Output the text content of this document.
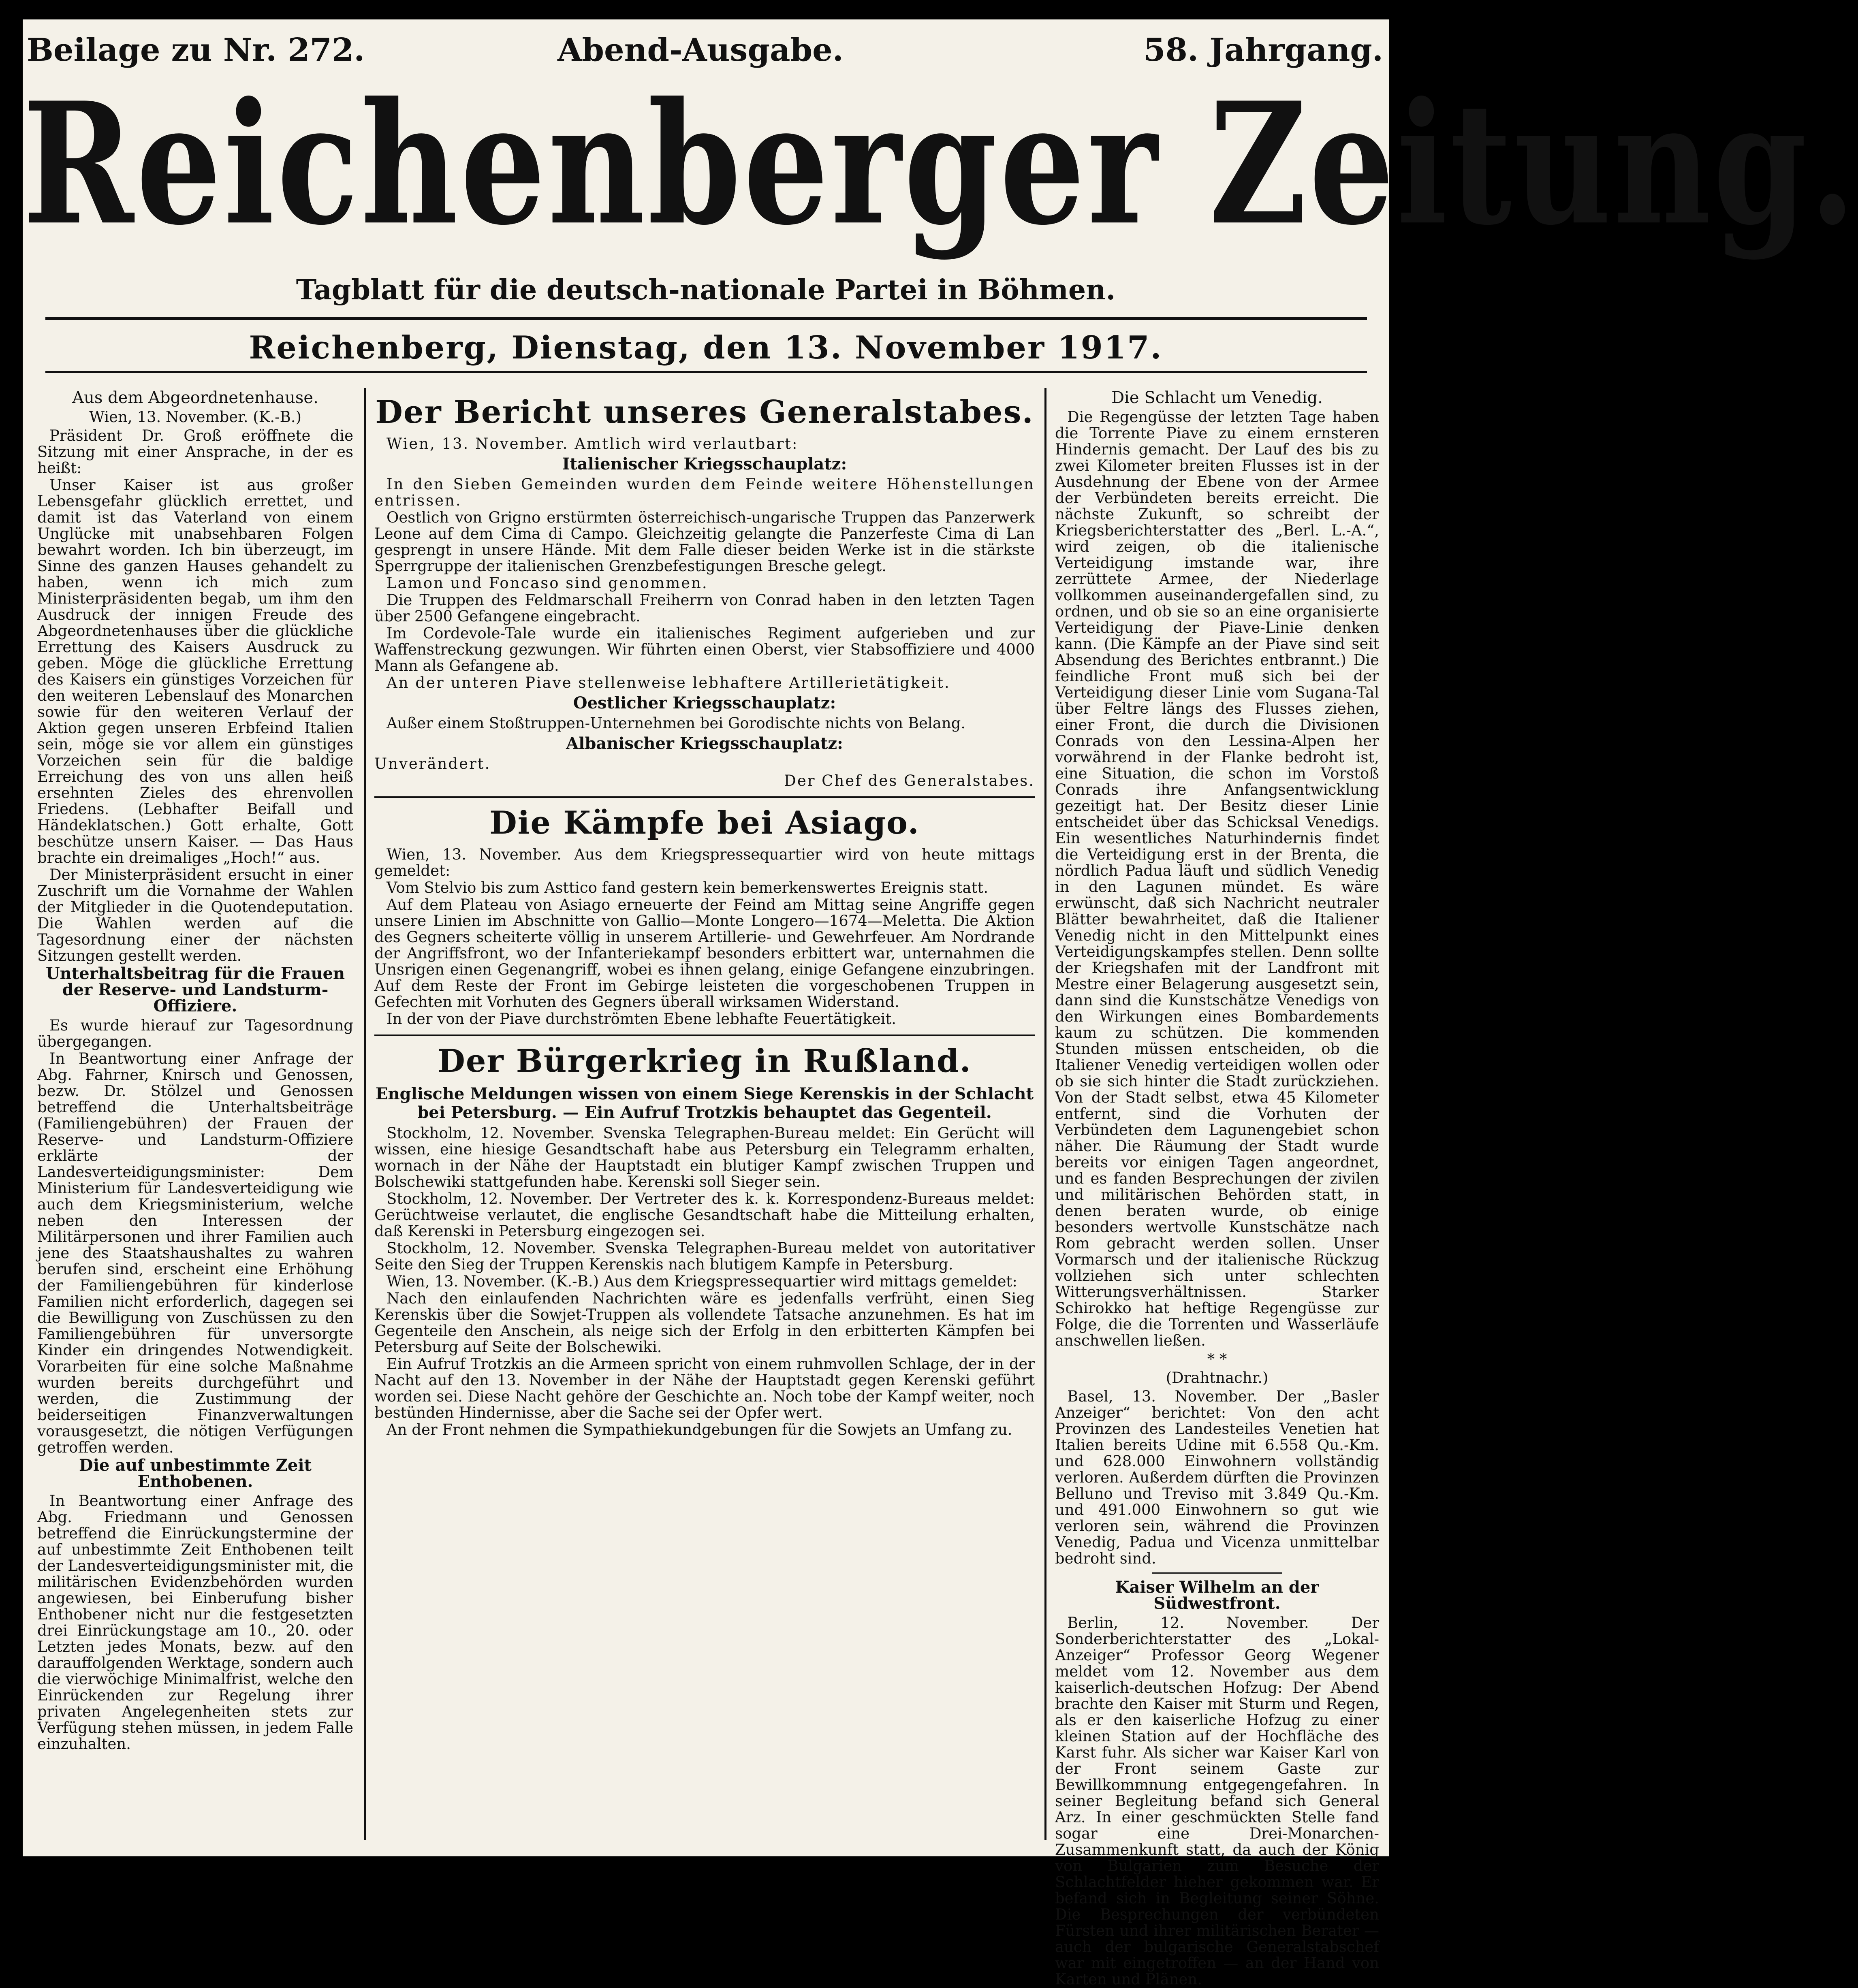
Beilage zu Nr. 272.	Abend-Ausgabe.	58. Jahrgang.
Reichenberger Zeitung.
Tagblatt für die deutsch-nationale Partei in Böhmen.
Reichenberg, Dienstag, den 13. November 1917.
Aus dem Abgeordnetenhause.

Wien, 13. November. (K.-B.)

Präsident Dr. Groß eröffnete die Sitzung mit einer Ansprache, in der es heißt:

Unser Kaiser ist aus großer Lebensgefahr glücklich errettet, und damit ist das Vaterland von einem Unglücke mit unabsehbaren Folgen bewahrt worden. Ich bin überzeugt, im Sinne des ganzen Hauses gehandelt zu haben, wenn ich mich zum Ministerpräsidenten begab, um ihm den Ausdruck der innigen Freude des Abgeordnetenhauses über die glückliche Errettung des Kaisers Ausdruck zu geben. Möge die glückliche Errettung des Kaisers ein günstiges Vorzeichen für den weiteren Lebenslauf des Monarchen sowie für den weiteren Verlauf der Aktion gegen unseren Erbfeind Italien sein, möge sie vor allem ein günstiges Vorzeichen sein für die baldige Erreichung des von uns allen heiß ersehnten Zieles des ehrenvollen Friedens. (Lebhafter Beifall und Händeklatschen.) Gott erhalte, Gott beschütze unsern Kaiser. — Das Haus brachte ein dreimaliges „Hoch!“ aus.

Der Ministerpräsident ersucht in einer Zuschrift um die Vornahme der Wahlen der Mitglieder in die Quotendeputation. Die Wahlen werden auf die Tagesordnung einer der nächsten Sitzungen gestellt werden.

Unterhaltsbeitrag für die Frauen der Reserve- und Landsturm-Offiziere.

Es wurde hierauf zur Tagesordnung übergegangen.

In Beantwortung einer Anfrage der Abg. Fahrner, Knirsch und Genossen, bezw. Dr. Stölzel und Genossen betreffend die Unterhaltsbeiträge (Familiengebühren) der Frauen der Reserve- und Landsturm-Offiziere erklärte der Landesverteidigungsminister: Dem Ministerium für Landesverteidigung wie auch dem Kriegsministerium, welche neben den Interessen der Militärpersonen und ihrer Familien auch jene des Staatshaushaltes zu wahren berufen sind, erscheint eine Erhöhung der Familiengebühren für kinderlose Familien nicht erforderlich, dagegen sei die Bewilligung von Zuschüssen zu den Familiengebühren für unversorgte Kinder ein dringendes Notwendigkeit. Vorarbeiten für eine solche Maßnahme wurden bereits durchgeführt und werden, die Zustimmung der beiderseitigen Finanzverwaltungen vorausgesetzt, die nötigen Verfügungen getroffen werden.

Die auf unbestimmte Zeit Enthobenen.

In Beantwortung einer Anfrage des Abg. Friedmann und Genossen betreffend die Einrückungstermine der auf unbestimmte Zeit Enthobenen teilt der Landesverteidigungsminister mit, die militärischen Evidenzbehörden wurden angewiesen, bei Einberufung bisher Enthobener nicht nur die festgesetzten drei Einrückungstage am 10., 20. oder Letzten jedes Monats, bezw. auf den darauffolgenden Werktage, sondern auch die vierwöchige Minimalfrist, welche den Einrückenden zur Regelung ihrer privaten Angelegenheiten stets zur Verfügung stehen müssen, in jedem Falle einzuhalten.

Der Bericht unseres Generalstabes.

Wien, 13. November. Amtlich wird verlautbart:

Italienischer Kriegsschauplatz:

In den Sieben Gemeinden wurden dem Feinde weitere Höhenstellungen entrissen.

Oestlich von Grigno erstürmten österreichisch-ungarische Truppen das Panzerwerk Leone auf dem Cima di Campo. Gleichzeitig gelangte die Panzerfeste Cima di Lan gesprengt in unsere Hände. Mit dem Falle dieser beiden Werke ist in die stärkste Sperrgruppe der italienischen Grenzbefestigungen Bresche gelegt.

Lamon und Foncaso sind genommen.

Die Truppen des Feldmarschall Freiherrn von Conrad haben in den letzten Tagen über 2500 Gefangene eingebracht.

Im Cordevole-Tale wurde ein italienisches Regiment aufgerieben und zur Waffenstreckung gezwungen. Wir führten einen Oberst, vier Stabsoffiziere und 4000 Mann als Gefangene ab.

An der unteren Piave stellenweise lebhaftere Artillerietätigkeit.

Oestlicher Kriegsschauplatz:

Außer einem Stoßtruppen-Unternehmen bei Gorodischte nichts von Belang.

Albanischer Kriegsschauplatz:

Unverändert.

Der Chef des Generalstabes.

Die Kämpfe bei Asiago.

Wien, 13. November. Aus dem Kriegspressequartier wird von heute mittags gemeldet:

Vom Stelvio bis zum Asttico fand gestern kein bemerkenswertes Ereignis statt.

Auf dem Plateau von Asiago erneuerte der Feind am Mittag seine Angriffe gegen unsere Linien im Abschnitte von Gallio—Monte Longero—1674—Meletta. Die Aktion des Gegners scheiterte völlig in unserem Artillerie- und Gewehrfeuer. Am Nordrande der Angriffsfront, wo der Infanteriekampf besonders erbittert war, unternahmen die Unsrigen einen Gegenangriff, wobei es ihnen gelang, einige Gefangene einzubringen. Auf dem Reste der Front im Gebirge leisteten die vorgeschobenen Truppen in Gefechten mit Vorhuten des Gegners überall wirksamen Widerstand.

In der von der Piave durchströmten Ebene lebhafte Feuertätigkeit.

Der Bürgerkrieg in Rußland.

Englische Meldungen wissen von einem Siege Kerenskis in der Schlacht bei Petersburg. — Ein Aufruf Trotzkis behauptet das Gegenteil.

Stockholm, 12. November. Svenska Telegraphen-Bureau meldet: Ein Gerücht will wissen, eine hiesige Gesandtschaft habe aus Petersburg ein Telegramm erhalten, wornach in der Nähe der Hauptstadt ein blutiger Kampf zwischen Truppen und Bolschewiki stattgefunden habe. Kerenski soll Sieger sein.

Stockholm, 12. November. Der Vertreter des k. k. Korrespondenz-Bureaus meldet: Gerüchtweise verlautet, die englische Gesandtschaft habe die Mitteilung erhalten, daß Kerenski in Petersburg eingezogen sei.

Stockholm, 12. November. Svenska Telegraphen-Bureau meldet von autoritativer Seite den Sieg der Truppen Kerenskis nach blutigem Kampfe in Petersburg.

Wien, 13. November. (K.-B.) Aus dem Kriegspressequartier wird mittags gemeldet:

Nach den einlaufenden Nachrichten wäre es jedenfalls verfrüht, einen Sieg Kerenskis über die Sowjet-Truppen als vollendete Tatsache anzunehmen. Es hat im Gegenteile den Anschein, als neige sich der Erfolg in den erbitterten Kämpfen bei Petersburg auf Seite der Bolschewiki.

Ein Aufruf Trotzkis an die Armeen spricht von einem ruhmvollen Schlage, der in der Nacht auf den 13. November in der Nähe der Hauptstadt gegen Kerenski geführt worden sei. Diese Nacht gehöre der Geschichte an. Noch tobe der Kampf weiter, noch bestünden Hindernisse, aber die Sache sei der Opfer wert.

An der Front nehmen die Sympathiekundgebungen für die Sowjets an Umfang zu.

Die Schlacht um Venedig.

Die Regengüsse der letzten Tage haben die Torrente Piave zu einem ernsteren Hindernis gemacht. Der Lauf des bis zu zwei Kilometer breiten Flusses ist in der Ausdehnung der Ebene von der Armee der Verbündeten bereits erreicht. Die nächste Zukunft, so schreibt der Kriegsberichterstatter des „Berl. L.-A.“, wird zeigen, ob die italienische Verteidigung imstande war, ihre zerrüttete Armee, der Niederlage vollkommen auseinandergefallen sind, zu ordnen, und ob sie so an eine organisierte Verteidigung der Piave-Linie denken kann. (Die Kämpfe an der Piave sind seit Absendung des Berichtes entbrannt.) Die feindliche Front muß sich bei der Verteidigung dieser Linie vom Sugana-Tal über Feltre längs des Flusses ziehen, einer Front, die durch die Divisionen Conrads von den Lessina-Alpen her vorwährend in der Flanke bedroht ist, eine Situation, die schon im Vorstoß Conrads ihre Anfangsentwicklung gezeitigt hat. Der Besitz dieser Linie entscheidet über das Schicksal Venedigs. Ein wesentliches Naturhindernis findet die Verteidigung erst in der Brenta, die nördlich Padua läuft und südlich Venedig in den Lagunen mündet. Es wäre erwünscht, daß sich Nachricht neutraler Blätter bewahrheitet, daß die Italiener Venedig nicht in den Mittelpunkt eines Verteidigungskampfes stellen. Denn sollte der Kriegshafen mit der Landfront mit Mestre einer Belagerung ausgesetzt sein, dann sind die Kunstschätze Venedigs von den Wirkungen eines Bombardements kaum zu schützen. Die kommenden Stunden müssen entscheiden, ob die Italiener Venedig verteidigen wollen oder ob sie sich hinter die Stadt zurückziehen. Von der Stadt selbst, etwa 45 Kilometer entfernt, sind die Vorhuten der Verbündeten dem Lagunengebiet schon näher. Die Räumung der Stadt wurde bereits vor einigen Tagen angeordnet, und es fanden Besprechungen der zivilen und militärischen Behörden statt, in denen beraten wurde, ob einige besonders wertvolle Kunstschätze nach Rom gebracht werden sollen. Unser Vormarsch und der italienische Rückzug vollziehen sich unter schlechten Witterungsverhältnissen. Starker Schirokko hat heftige Regengüsse zur Folge, die die Torrenten und Wasserläufe anschwellen ließen.

* *

(Drahtnachr.)

Basel, 13. November. Der „Basler Anzeiger“ berichtet: Von den acht Provinzen des Landesteiles Venetien hat Italien bereits Udine mit 6.558 Qu.-Km. und 628.000 Einwohnern vollständig verloren. Außerdem dürften die Provinzen Belluno und Treviso mit 3.849 Qu.-Km. und 491.000 Einwohnern so gut wie verloren sein, während die Provinzen Venedig, Padua und Vicenza unmittelbar bedroht sind.

Kaiser Wilhelm an der Südwestfront.

Berlin, 12. November. Der Sonderberichterstatter des „Lokal-Anzeiger“ Professor Georg Wegener meldet vom 12. November aus dem kaiserlich-deutschen Hofzug: Der Abend brachte den Kaiser mit Sturm und Regen, als er den kaiserliche Hofzug zu einer kleinen Station auf der Hochfläche des Karst fuhr. Als sicher war Kaiser Karl von der Front seinem Gaste zur Bewillkommnung entgegengefahren. In seiner Begleitung befand sich General Arz. In einer geschmückten Stelle fand sogar eine Drei-Monarchen-Zusammenkunft statt, da auch der König von Bulgarien zum Besuche der Schlachtfelder hieher gekommen war. Er befand sich in Begleitung seiner Söhne. Die Besprechungen der verbündeten Fürsten und ihrer militärischen Berater — auch der bulgarische Generalstabschef war mit eingetroffen — an der Hand von Karten und Plänen.
